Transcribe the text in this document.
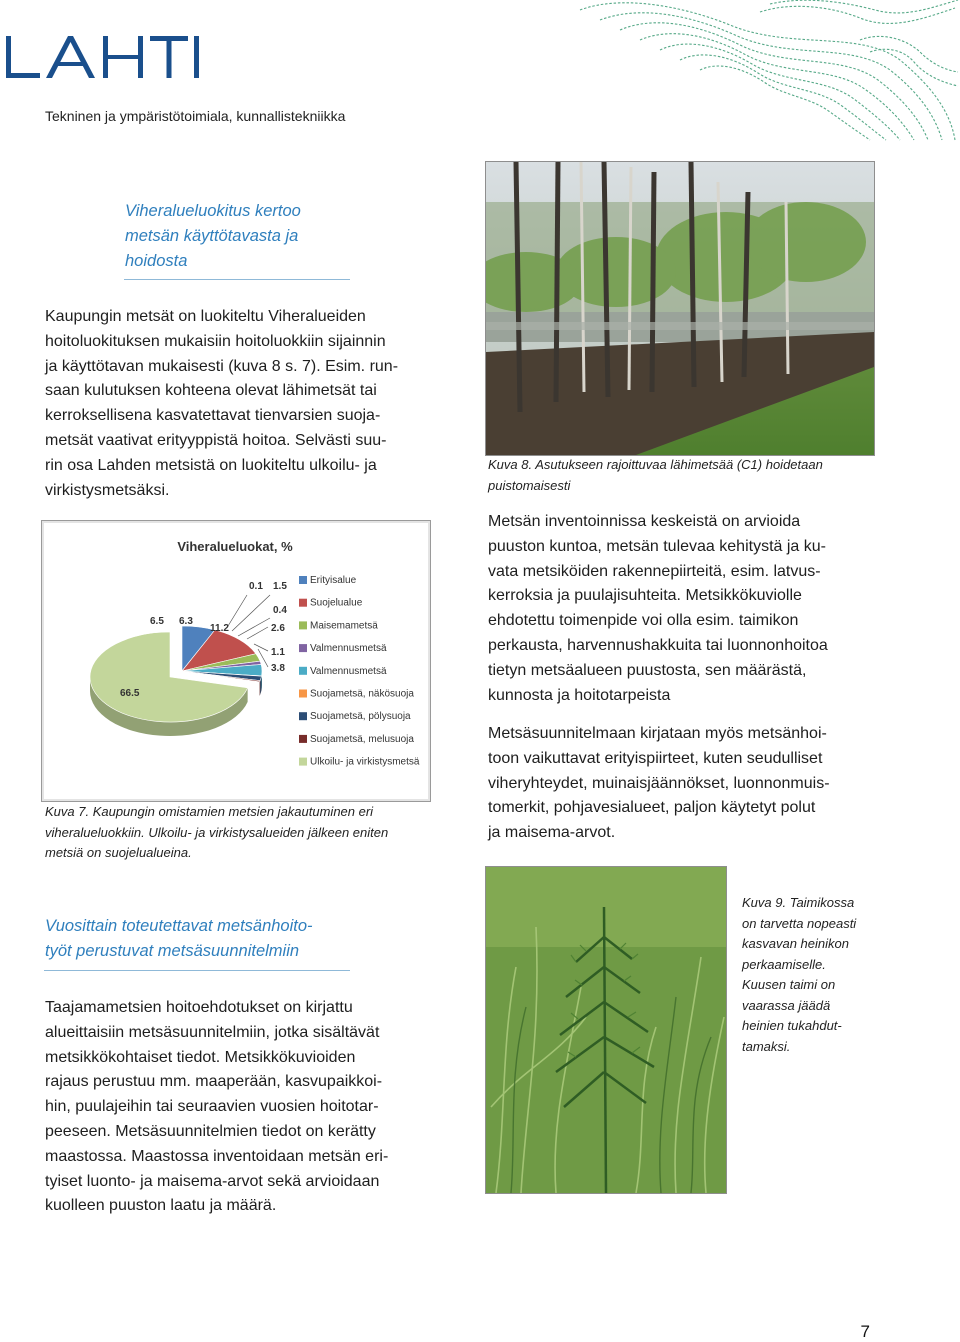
Tekninen ja ympäristötoimiala, kunnallistekniikka
Viheralueluokitus kertoo
metsän käyttötavasta ja
hoidosta
Kaupungin metsät on luokiteltu Viheralueiden
hoitoluokituksen mukaisiin hoitoluokkiin sijainnin
ja käyttötavan mukaisesti (kuva 8 s. 7). Esim. run-
saan kulutuksen kohteena olevat lähimetsät tai
kerroksellisena kasvatettavat tienvarsien suoja-
metsät vaativat erityyppistä hoitoa. Selvästi suu-
rin osa Lahden metsistä on luokiteltu ulkoilu- ja
virkistysmetsäksi.
Viheralueluokat, %
6.3
11.2	2.6
1.1
3.8
0.1 1.5
0.4
66.5
6.5
Erityisalue
Suojelualue
Maisemametsä
Valmennusmetsä
Valmennusmetsä
Suojametsä, näkösuoja
Suojametsä, pölysuoja
Suojametsä, melusuoja
Ulkoilu- ja virkistysmetsä
Kuva 7. Kaupungin omistamien metsien jakautuminen eri
viheralueluokkiin. Ulkoilu- ja virkistysalueiden jälkeen eniten
metsiä on suojelualueina.
Vuosittain toteutettavat metsänhoito-
työt perustuvat metsäsuunnitelmiin
Taajamametsien hoitoehdotukset on kirjattu
alueittaisiin metsäsuunnitelmiin, jotka sisältävät
metsikkökohtaiset tiedot. Metsikkökuvioiden
rajaus perustuu mm. maaperään, kasvupaikkoi-
hin, puulajeihin tai seuraavien vuosien hoitotar-
peeseen. Metsäsuunnitelmien tiedot on kerätty
maastossa. Maastossa inventoidaan metsän eri-
tyiset luonto- ja maisema-arvot sekä arvioidaan
kuolleen puuston laatu ja määrä.
Kuva 8. Asutukseen rajoittuvaa lähimetsää (C1) hoidetaan
puistomaisesti
Metsän inventoinnissa keskeistä on arvioida
puuston kuntoa, metsän tulevaa kehitystä ja ku-
vata metsiköiden rakennepiirteitä, esim. latvus-
kerroksia ja puulajisuhteita. Metsikkökuviolle
ehdotettu toimenpide voi olla esim. taimikon
perkausta, harvennushakkuita tai luonnonhoitoa
tietyn metsäalueen puustosta, sen määrästä,
kunnosta ja hoitotarpeista
Metsäsuunnitelmaan kirjataan myös metsänhoi-
toon vaikuttavat erityispiirteet, kuten seudulliset
viheryhteydet, muinaisjäännökset, luonnonmuis-
tomerkit, pohjavesialueet, paljon käytetyt polut
ja maisema-arvot.
Kuva 9. Taimikossa
on tarvetta nopeasti
kasvavan heinikon
perkaamiselle.
Kuusen taimi on
vaarassa jäädä
heinien tukahdut-
tamaksi.
7
